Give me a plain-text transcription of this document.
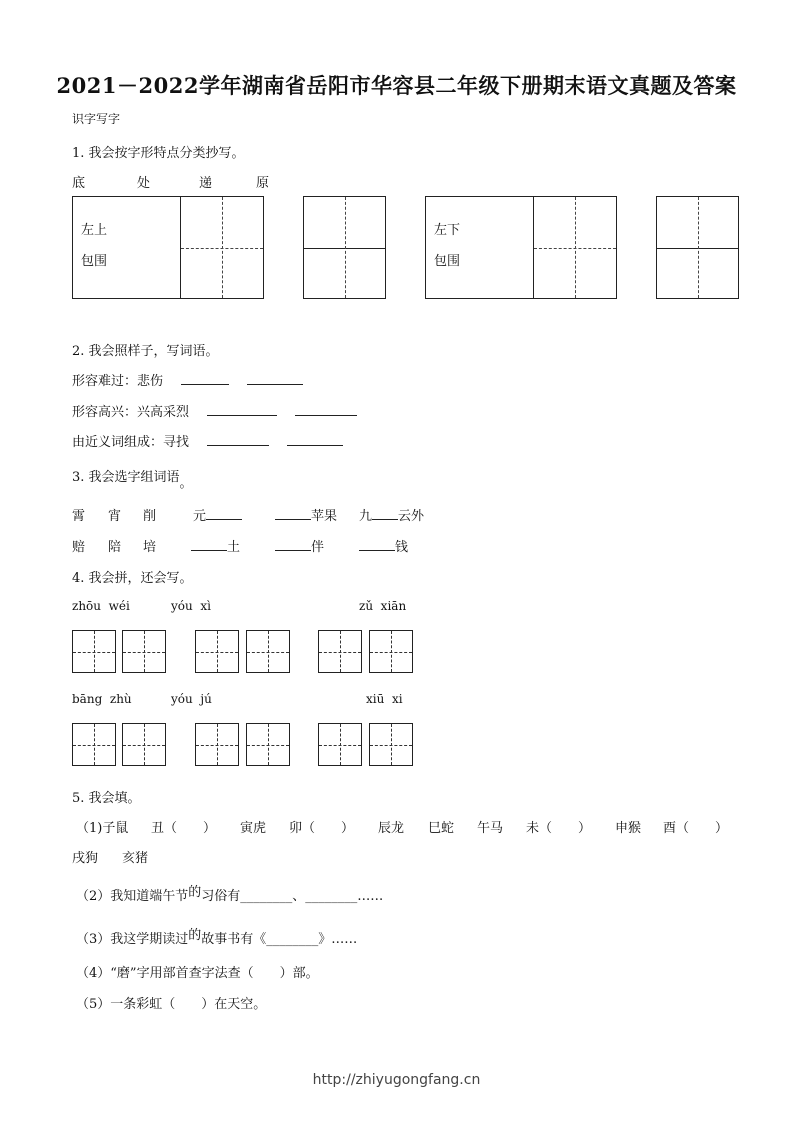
2021－2022学年湖南省岳阳市华容县二年级下册期末语文真题及答案
识字写字
1. 我会按字形特点分类抄写。
底	处	递	原
左上
包围
左下
包围
2. 我会照样子，写词语。
形容难过：悲伤
形容高兴：兴高采烈
由近义词组成：寻找
3. 我会选字组词语。
霄 宵 削	元	苹果 九 云外
赔 陪 培	土	伴	钱
4. 我会拼，还会写。
zhōu  wéi	yóu  xì	zǔ  xiān
bāng  zhù	yóu  jú	xiū  xi
5. 我会填。
（1)子鼠 丑（　　） 寅虎 卯（　　） 辰龙 巳蛇 午马 未（　　） 申猴 酉（　　）
戌狗 亥猪
（2）我知道端午节的习俗有________、________……
（3）我这学期读过的故事书有《________》……
（4）“磨”字用部首查字法查（　　）部。
（5）一条彩虹（　　）在天空。
http://zhiyugongfang.cn
